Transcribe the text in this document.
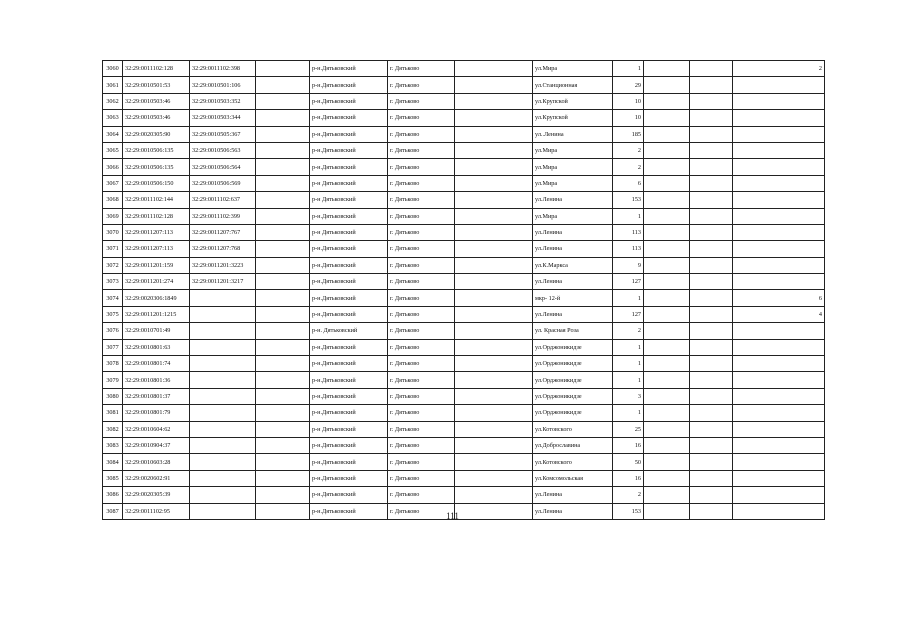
3060	32:29:0011102:128	32:29:0011102:398		р-н.Дятьковский	г. Дятьково		ул.Мира	1			2
3061	32:29:0010501:53	32:29:0010501:106		р-н.Дятьковский	г. Дятьково		ул.Станционная	29			
3062	32:29:0010503:46	32:29:0010503:352		р-н.Дятьковский	г. Дятьково		ул.Крупской	10			
3063	32:29:0010503:46	32:29:0010503:344		р-н.Дятьковский	г. Дятьково		ул.Крупской	10			
3064	32:29:0020305:90	32:29:0010505:367		р-н.Дятьковский	г. Дятьково		ул..Ленина	185			
3065	32:29:0010506:135	32:29:0010506:563		р-н.Дятьковский	г. Дятьково		ул.Мира	2			
3066	32:29:0010506:135	32:29:0010506:564		р-н.Дятьковский	г. Дятьково		ул.Мира	2			
3067	32:29:0010506:150	32:29:0010506:569		р-н Дятьковский	г. Дятьково		ул.Мира	6			
3068	32:29:0011102:144	32:29:0011102:637		р-н Дятьковский	г. Дятьково		ул.Ленина	153			
3069	32:29:0011102:128	32:29:0011102:399		р-н.Дятьковский	г. Дятьково		ул.Мира	1			
3070	32:29:0011207:113	32:29:0011207:767		р-н Дятьковский	г. Дятьково		ул.Ленина	113			
3071	32:29:0011207:113	32:29:0011207:768		р-н.Дятьковский	г. Дятьково		ул.Ленина	113			
3072	32:29:0011201:159	32:29:0011201:3223		р-н.Дятьковский	г. Дятьково		ул.К.Маркса	9			
3073	32:29:0011201:274	32:29:0011201:3217		р-н.Дятьковский	г. Дятьково		ул.Ленина	127			
3074	32:29:0020306:1849			р-н.Дятьковский	г. Дятьково		мкр- 12-й	1			6
3075	32:29:0011201:1215			р-н.Дятьковский	г. Дятьково		ул.Ленина	127			4
3076	32:29:0010701:49			р-н. Дятьковский	г. Дятьково		ул. Красная Роза	2			
3077	32:29:0010801:63			р-н.Дятьковский	г. Дятьково		ул.Орджоникидзе	1			
3078	32:29:0010801:74			р-н.Дятьковский	г. Дятьково		ул.Орджоникидзе	1			
3079	32:29:0010801:36			р-н.Дятьковский	г. Дятьково		ул.Орджоникидзе	1			
3080	32:29:0010801:37			р-н.Дятьковский	г. Дятьково		ул.Орджоникидзе	3			
3081	32:29:0010801:79			р-н.Дятьковский	г. Дятьково		ул.Орджоникидзе	1			
3082	32:29:0010604:62			р-н Дятьковский	г. Дятьково		ул.Котовского	25			
3083	32:29:0010904:37			р-н.Дятьковский	г. Дятьково		ул.Доброславина	16			
3084	32:29:0010603:28			р-н.Дятьковский	г. Дятьково		ул.Котовского	50			
3085	32:29:0020602:91			р-н.Дятьковский	г. Дятьково		ул.Комсомольская	16			
3086	32:29:0020305:39			р-н.Дятьковский	г. Дятьково		ул.Ленина	2			
3087	32:29:0011102:95			р-н.Дятьковский	г. Дятьково		ул.Ленина	153			
111
